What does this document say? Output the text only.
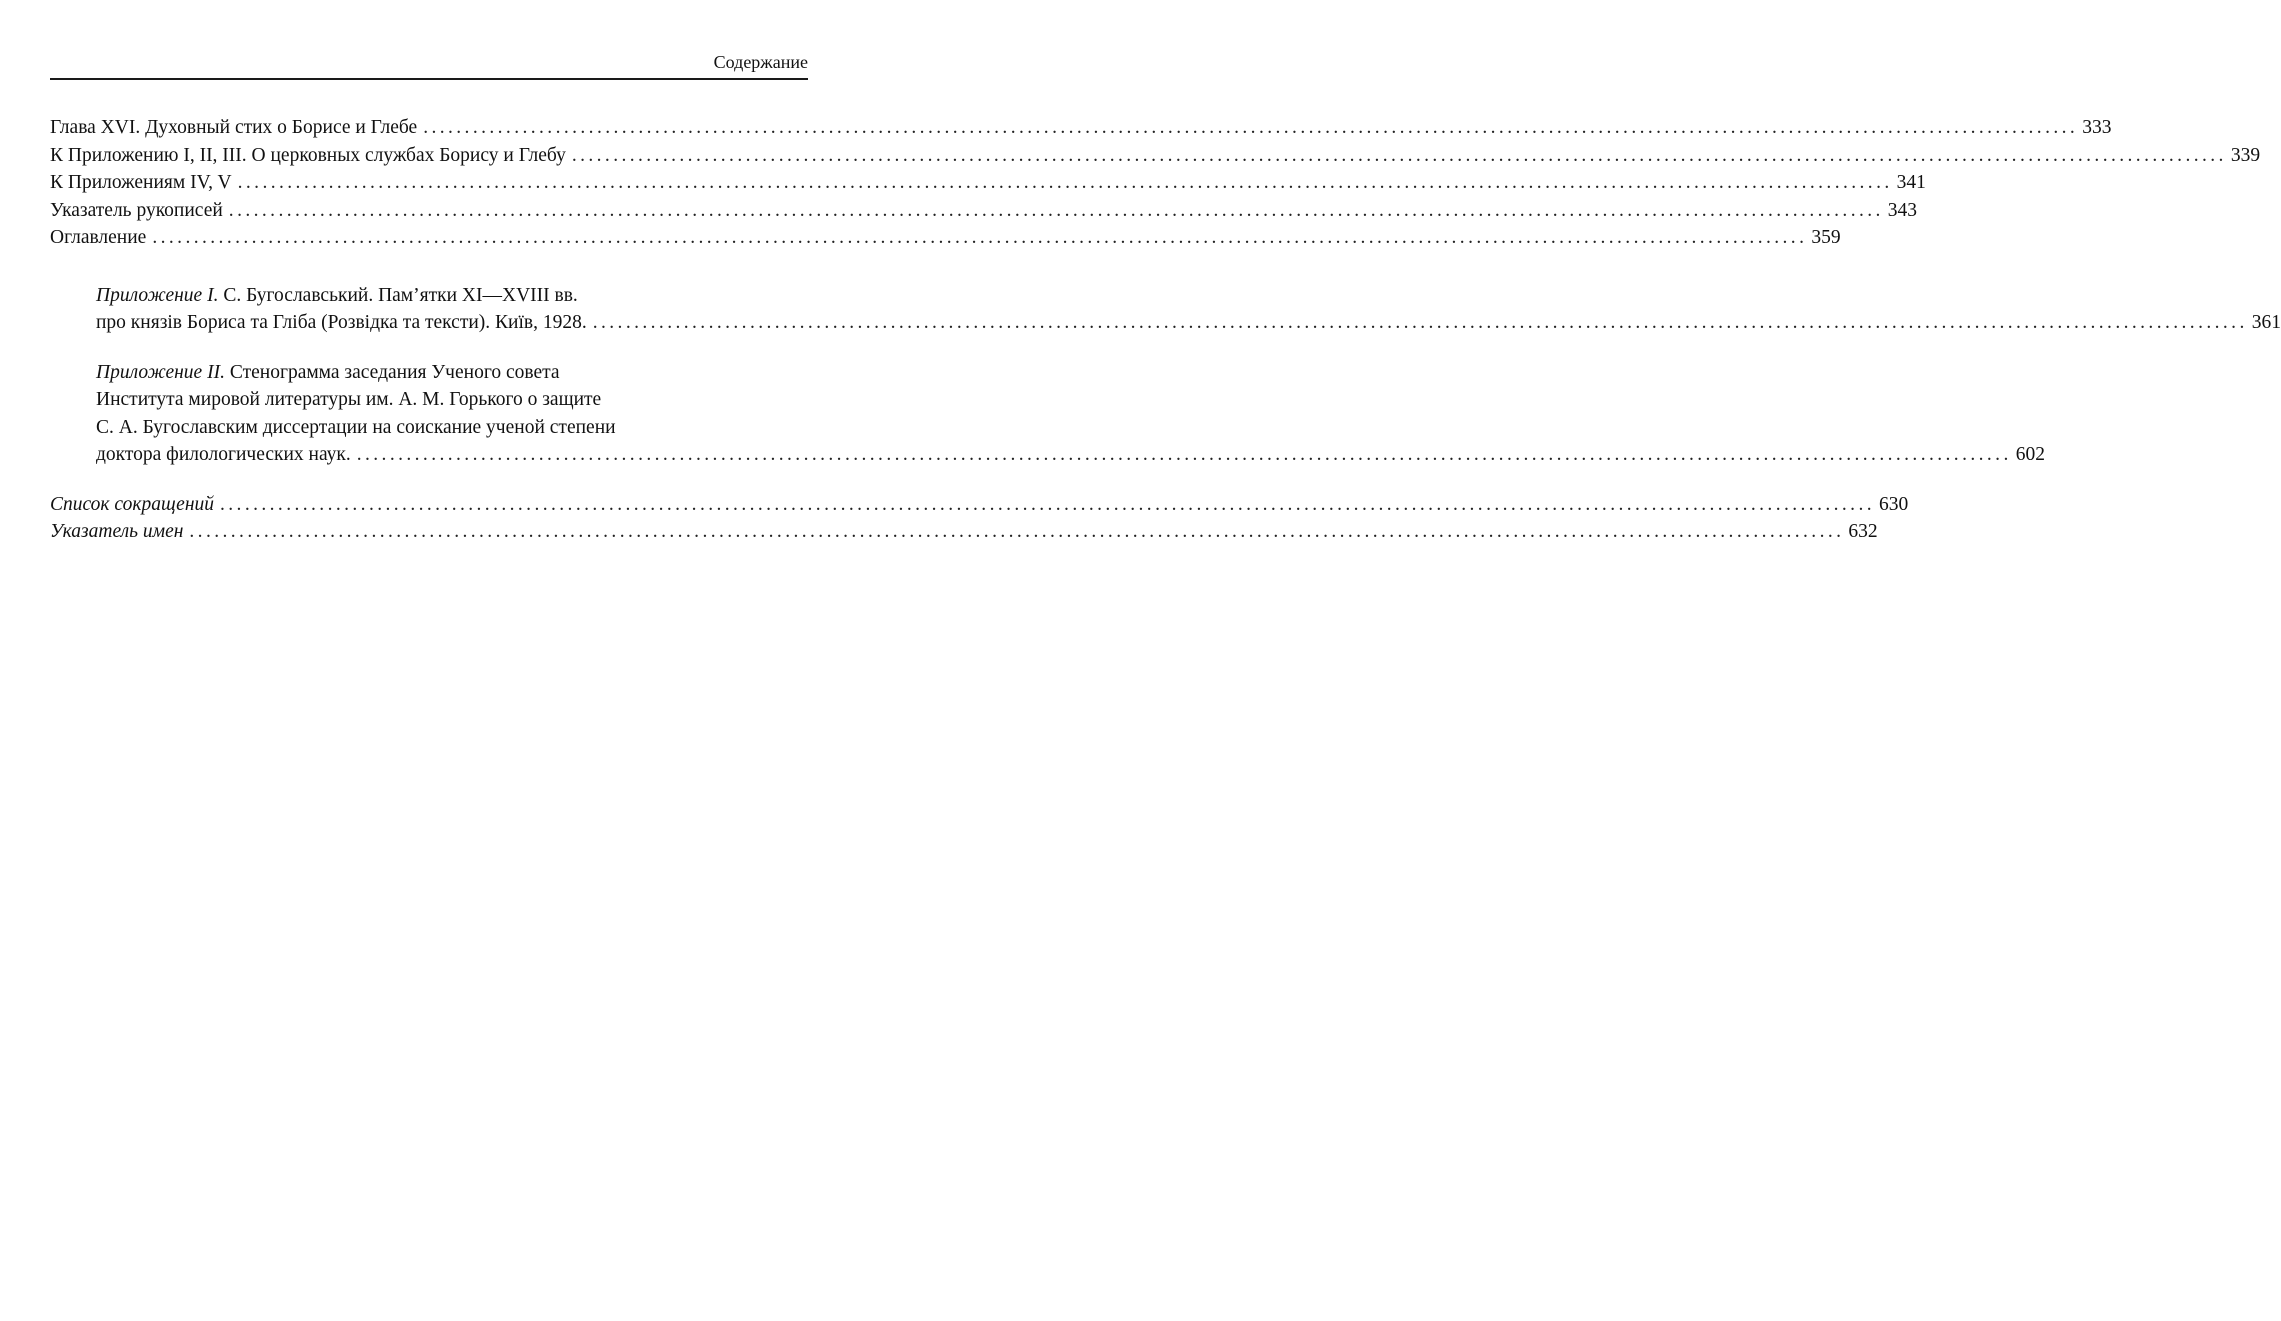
Содержание
Глава XVI. Духовный стих о Борисе и Глебе ........................................................................................................................................................................................................ 333
К Приложению I, II, III. О церковных службах Борису и Глебу ........................................................................................................................................................................................................ 339
К Приложениям IV, V ........................................................................................................................................................................................................ 341
Указатель рукописей ........................................................................................................................................................................................................ 343
Оглавление ........................................................................................................................................................................................................ 359
Приложение I. С. Бугославський. Пам’ятки XI—XVIII вв.
про князів Бориса та Гліба (Розвідка та тексти). Київ, 1928. ........................................................................................................................................................................................................ 361
Приложение II. Стенограмма заседания Ученого совета
Института мировой литературы им. А. М. Горького о защите
С. А. Бугославским диссертации на соискание ученой степени
доктора филологических наук. ........................................................................................................................................................................................................ 602
Список сокращений ........................................................................................................................................................................................................ 630
Указатель имен ........................................................................................................................................................................................................ 632
